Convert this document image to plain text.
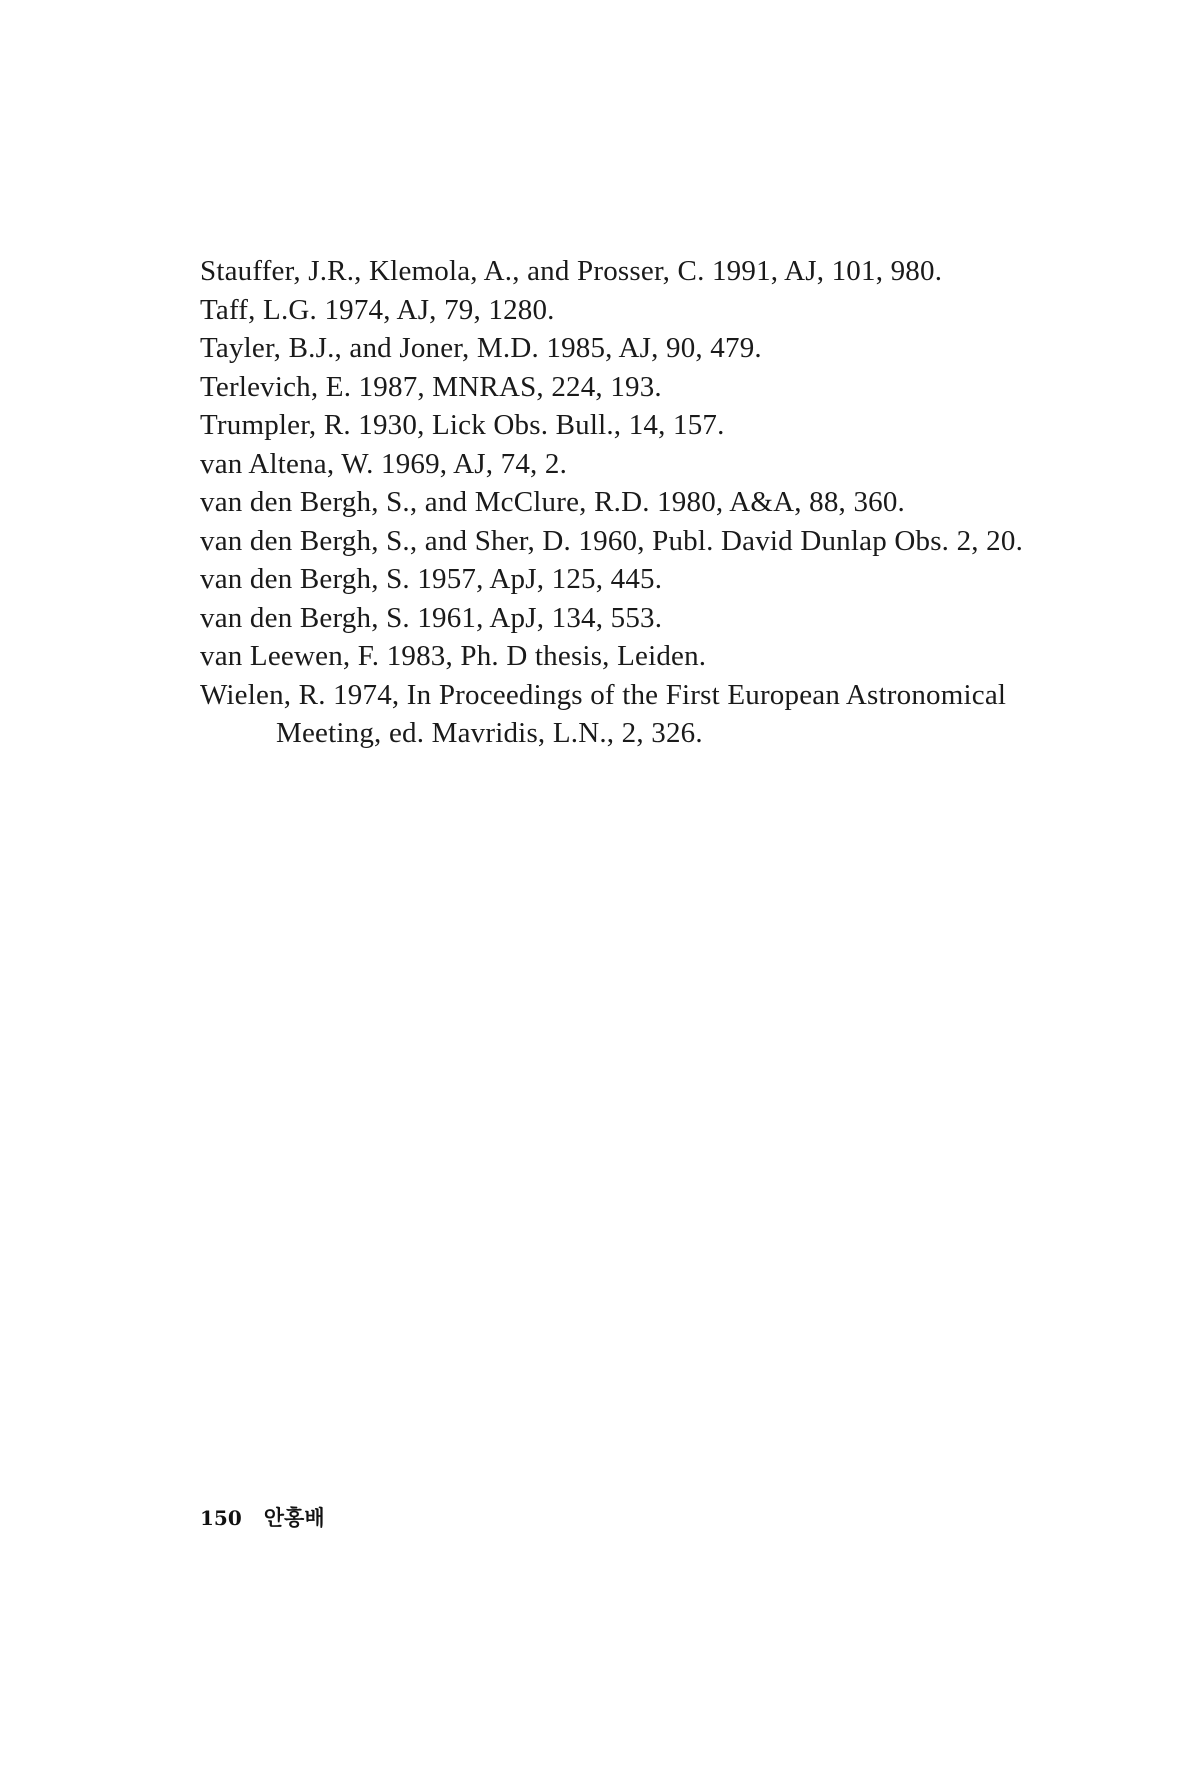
Stauffer, J.R., Klemola, A., and Prosser, C. 1991, AJ, 101, 980.
Taff, L.G. 1974, AJ, 79, 1280.
Tayler, B.J., and Joner, M.D. 1985, AJ, 90, 479.
Terlevich, E. 1987, MNRAS, 224, 193.
Trumpler, R. 1930, Lick Obs. Bull., 14, 157.
van Altena, W. 1969, AJ, 74, 2.
van den Bergh, S., and McClure, R.D. 1980, A&A, 88, 360.
van den Bergh, S., and Sher, D. 1960, Publ. David Dunlap Obs. 2, 20.
van den Bergh, S. 1957, ApJ, 125, 445.
van den Bergh, S. 1961, ApJ, 134, 553.
van Leewen, F. 1983, Ph. D thesis, Leiden.
Wielen, R. 1974, In Proceedings of the First European Astronomical Meeting, ed. Mavridis, L.N., 2, 326.
150 안홍배
